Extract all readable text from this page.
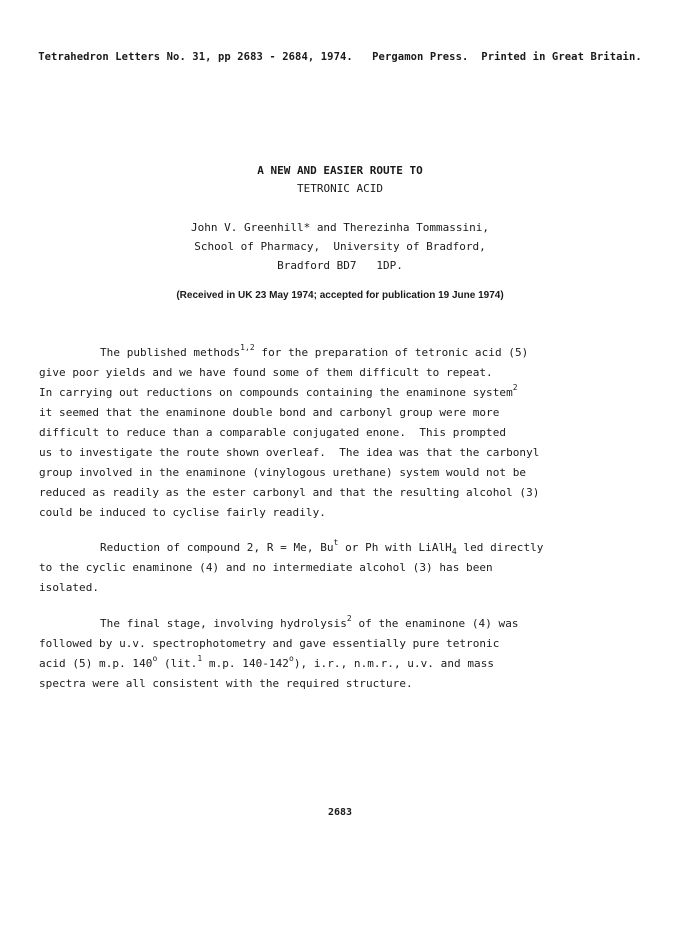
Tetrahedron Letters No. 31, pp 2683 - 2684, 1974.   Pergamon Press.  Printed in Great Britain.
A NEW AND EASIER ROUTE TO
TETRONIC ACID
John V. Greenhill* and Therezinha Tommassini,
School of Pharmacy,  University of Bradford,
Bradford BD7   1DP.
(Received in UK 23 May 1974; accepted for publication 19 June 1974)
The published methods$^{1,2}$ for the preparation of tetronic acid (5)
give poor yields and we have found some of them difficult to repeat.
In carrying out reductions on compounds containing the enaminone system$^2$
it seemed that the enaminone double bond and carbonyl group were more
difficult to reduce than a comparable conjugated enone.  This prompted
us to investigate the route shown overleaf.  The idea was that the carbonyl
group involved in the enaminone (vinylogous urethane) system would not be
reduced as readily as the ester carbonyl and that the resulting alcohol (3)
could be induced to cyclise fairly readily.
Reduction of compound 2, R = Me, Bu$^t$ or Ph with LiAlH$_4$ led directly
to the cyclic enaminone (4) and no intermediate alcohol (3) has been
isolated.
The final stage, involving hydrolysis$^2$ of the enaminone (4) was
followed by u.v. spectrophotometry and gave essentially pure tetronic
acid (5) m.p. 140$^o$ (lit.$^1$ m.p. 140-142$^o$), i.r., n.m.r., u.v. and mass
spectra were all consistent with the required structure.
2683
